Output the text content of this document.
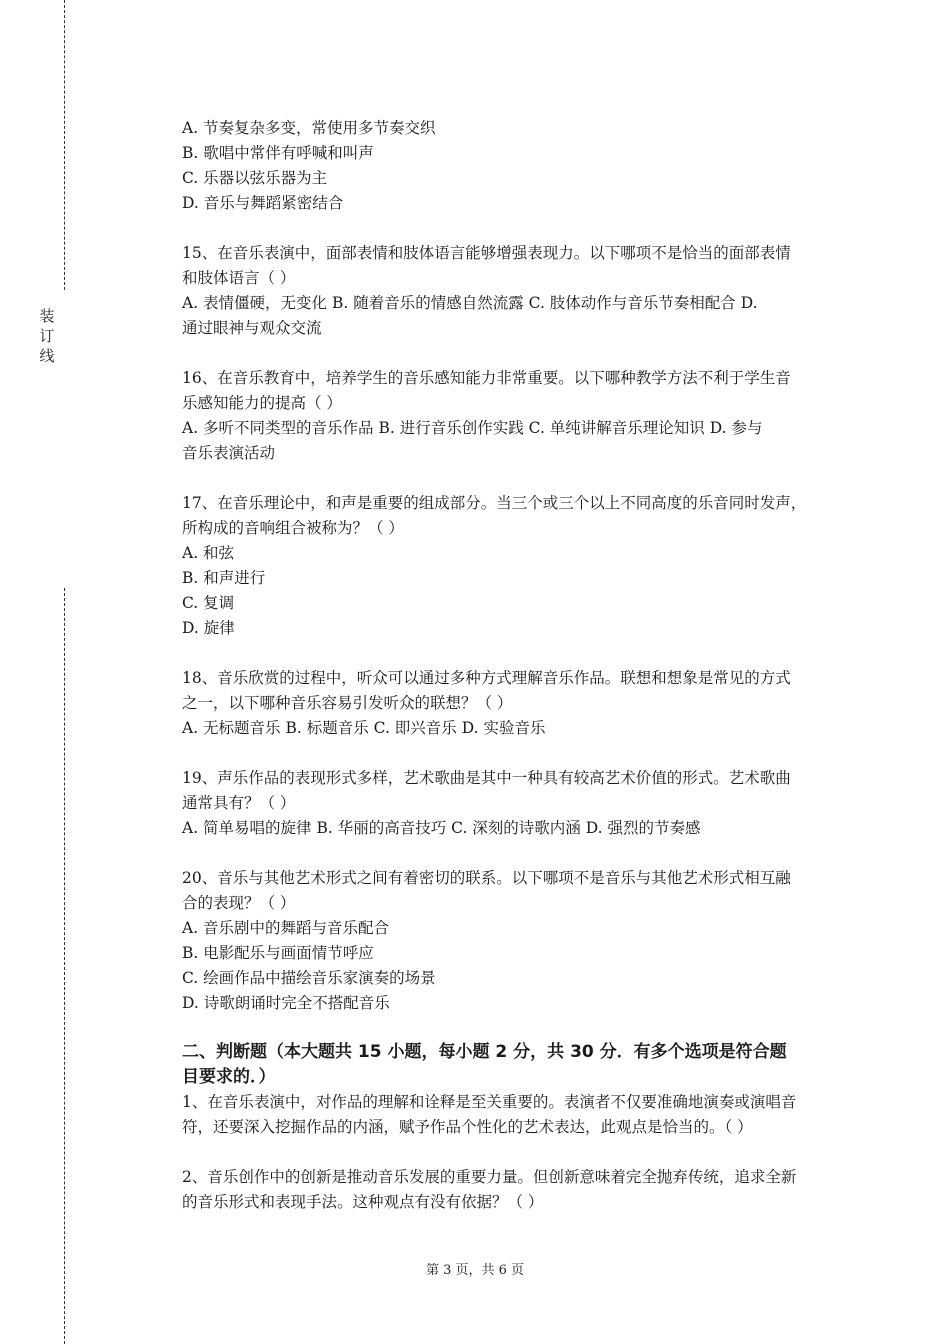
装
订
线
A. 节奏复杂多变，常使用多节奏交织
B. 歌唱中常伴有呼喊和叫声
C. 乐器以弦乐器为主
D. 音乐与舞蹈紧密结合
15、在音乐表演中，面部表情和肢体语言能够增强表现力。以下哪项不是恰当的面部表情
和肢体语言（ ）
A. 表情僵硬，无变化 B. 随着音乐的情感自然流露 C. 肢体动作与音乐节奏相配合 D.
通过眼神与观众交流
16、在音乐教育中，培养学生的音乐感知能力非常重要。以下哪种教学方法不利于学生音
乐感知能力的提高（ ）
A. 多听不同类型的音乐作品 B. 进行音乐创作实践 C. 单纯讲解音乐理论知识 D. 参与
音乐表演活动
17、在音乐理论中，和声是重要的组成部分。当三个或三个以上不同高度的乐音同时发声，
所构成的音响组合被称为？（ ）
A. 和弦
B. 和声进行
C. 复调
D. 旋律
18、音乐欣赏的过程中，听众可以通过多种方式理解音乐作品。联想和想象是常见的方式
之一，以下哪种音乐容易引发听众的联想？（ ）
A. 无标题音乐 B. 标题音乐 C. 即兴音乐 D. 实验音乐
19、声乐作品的表现形式多样，艺术歌曲是其中一种具有较高艺术价值的形式。艺术歌曲
通常具有？（ ）
A. 简单易唱的旋律 B. 华丽的高音技巧 C. 深刻的诗歌内涵 D. 强烈的节奏感
20、音乐与其他艺术形式之间有着密切的联系。以下哪项不是音乐与其他艺术形式相互融
合的表现？（ ）
A. 音乐剧中的舞蹈与音乐配合
B. 电影配乐与画面情节呼应
C. 绘画作品中描绘音乐家演奏的场景
D. 诗歌朗诵时完全不搭配音乐
二、判断题（本大题共 15 小题，每小题 2 分，共 30 分．有多个选项是符合题
目要求的．）
1、在音乐表演中，对作品的理解和诠释是至关重要的。表演者不仅要准确地演奏或演唱音
符，还要深入挖掘作品的内涵，赋予作品个性化的艺术表达，此观点是恰当的。（ ）
2、音乐创作中的创新是推动音乐发展的重要力量。但创新意味着完全抛弃传统，追求全新
的音乐形式和表现手法。这种观点有没有依据？（ ）
第 3 页，共 6 页
